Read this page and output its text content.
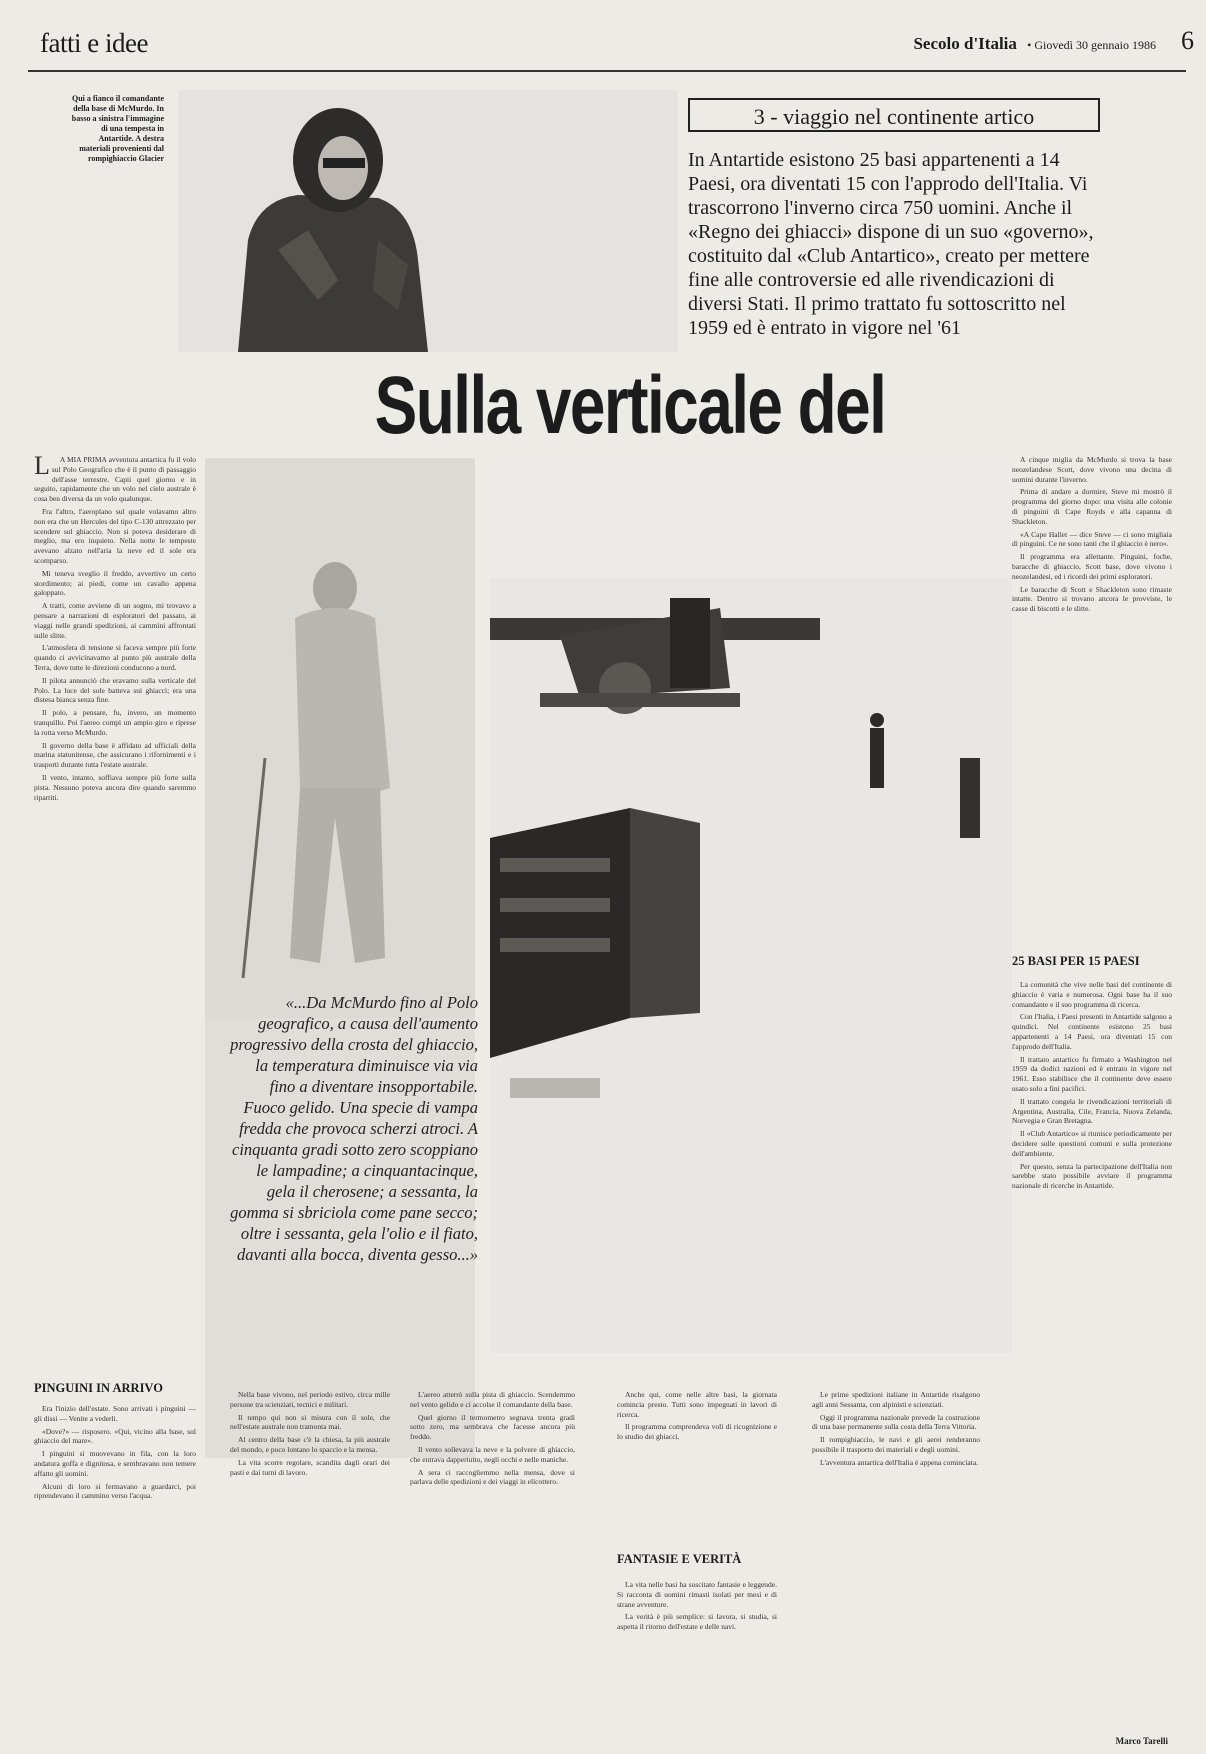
fatti e idee	Secolo d'Italia • Giovedì 30 gennaio 1986 6
Qui a fianco il comandante della base di McMurdo. In basso a sinistra l'immagine di una tempesta in Antartide. A destra materiali provenienti dal rompighiaccio Glacier
3 - viaggio nel continente artico
In Antartide esistono 25 basi appartenenti a 14 Paesi, ora diventati 15 con l'approdo dell'Italia. Vi trascorrono l'inverno circa 750 uomini. Anche il «Regno dei ghiacci» dispone di un suo «governo», costituito dal «Club Antartico», creato per mettere fine alle controversie ed alle rivendicazioni di diversi Stati. Il primo trattato fu sottoscritto nel 1959 ed è entrato in vigore nel '61
Sulla verticale del
L	A MIA PRIMA avventura antartica fu il volo sul Polo Geografico che è il punto di passaggio dell'asse terrestre. Capii quel giorno e in seguito, rapidamente che un volo nel cielo australe è cosa ben diversa da un volo qualunque.

Fra l'altro, l'aeroplano sul quale volavamo altro non era che un Hercules del tipo C-130 attrezzato per scendere sul ghiaccio. Non si poteva desiderare di meglio, ma ero inquieto. Nella notte le tempeste avevano alzato nell'aria la neve ed il sole era scomparso.

Mi teneva sveglio il freddo, avvertivo un certo stordimento; ai piedi, come un cavallo appena galoppato.

A tratti, come avviene di un sogno, mi trovavo a pensare a narrazioni di esploratori del passato, ai viaggi nelle grandi spedizioni, ai cammini affrontati sulle slitte.

L'atmosfera di tensione si faceva sempre più forte quando ci avvicinavamo al punto più australe della Terra, dove tutte le direzioni conducono a nord.

Il pilota annunciò che eravamo sulla verticale del Polo. La luce del sole batteva sui ghiacci; era una distesa bianca senza fine.

Il polo, a pensare, fu, invero, un momento tranquillo. Poi l'aereo compì un ampio giro e riprese la rotta verso McMurdo.

Il governo della base è affidato ad ufficiali della marina statunitense, che assicurano i rifornimenti e i trasporti durante tutta l'estate australe.

Il vento, intanto, soffiava sempre più forte sulla pista. Nessuno poteva ancora dire quando saremmo ripartiti.

PINGUINI IN ARRIVO

Era l'inizio dell'estate. Sono arrivati i pinguini — gli dissi — Venite a vederli.

«Dove?» — risposero. «Qui, vicino alla base, sul ghiaccio del mare».

I pinguini si muovevano in fila, con la loro andatura goffa e dignitosa, e sembravano non temere affatto gli uomini.

Alcuni di loro si fermavano a guardarci, poi riprendevano il cammino verso l'acqua.

«...Da McMurdo fino al Polo geografico, a causa dell'aumento progressivo della crosta del ghiaccio, la temperatura diminuisce via via fino a diventare insopportabile. Fuoco gelido. Una specie di vampa fredda che provoca scherzi atroci. A cinquanta gradi sotto zero scoppiano le lampadine; a cinquantacinque, gela il cherosene; a sessanta, la gomma si sbriciola come pane secco; oltre i sessanta, gela l'olio e il fiato, davanti alla bocca, diventa gesso...»

A cinque miglia da McMurdo si trova la base neozelandese Scott, dove vivono una decina di uomini durante l'inverno.

Prima di andare a dormire, Steve mi mostrò il programma del giorno dopo: una visita alle colonie di pinguini di Cape Royds e alla capanna di Shackleton.

«A Cape Hallet — dice Steve — ci sono migliaia di pinguini. Ce ne sono tanti che il ghiaccio è nero».

Il programma era allettante. Pinguini, foche, baracche di ghiaccio, Scott base, dove vivono i neozelandesi, ed i ricordi dei primi esploratori.

Le baracche di Scott e Shackleton sono rimaste intatte. Dentro si trovano ancora le provviste, le casse di biscotti e le slitte.

25 BASI PER 15 PAESI

La comunità che vive nelle basi del continente di ghiaccio è varia e numerosa. Ogni base ha il suo comandante e il suo programma di ricerca.

Con l'Italia, i Paesi presenti in Antartide salgono a quindici. Nel continente esistono 25 basi appartenenti a 14 Paesi, ora diventati 15 con l'approdo dell'Italia.

Il trattato antartico fu firmato a Washington nel 1959 da dodici nazioni ed è entrato in vigore nel 1961. Esso stabilisce che il continente deve essere usato solo a fini pacifici.

Il trattato congela le rivendicazioni territoriali di Argentina, Australia, Cile, Francia, Nuova Zelanda, Norvegia e Gran Bretagna.

Il «Club Antartico» si riunisce periodicamente per decidere sulle questioni comuni e sulla protezione dell'ambiente.

Per questo, senza la partecipazione dell'Italia non sarebbe stato possibile avviare il programma nazionale di ricerche in Antartide.

Nella base vivono, nel periodo estivo, circa mille persone tra scienziati, tecnici e militari.

Il tempo qui non si misura con il sole, che nell'estate australe non tramonta mai.

Al centro della base c'è la chiesa, la più australe del mondo, e poco lontano lo spaccio e la mensa.

La vita scorre regolare, scandita dagli orari dei pasti e dai turni di lavoro.

L'aereo atterrò sulla pista di ghiaccio. Scendemmo nel vento gelido e ci accolse il comandante della base.

Quel giorno il termometro segnava trenta gradi sotto zero, ma sembrava che facesse ancora più freddo.

Il vento sollevava la neve e la polvere di ghiaccio, che entrava dappertutto, negli occhi e nelle maniche.

A sera ci raccogliemmo nella mensa, dove si parlava delle spedizioni e dei viaggi in elicottero.

Anche qui, come nelle altre basi, la giornata comincia presto. Tutti sono impegnati in lavori di ricerca.

Il programma comprendeva voli di ricognizione e lo studio dei ghiacci.

FANTASIE E VERITÀ

La vita nelle basi ha suscitato fantasie e leggende. Si racconta di uomini rimasti isolati per mesi e di strane avventure.

La verità è più semplice: si lavora, si studia, si aspetta il ritorno dell'estate e delle navi.

Le prime spedizioni italiane in Antartide risalgono agli anni Sessanta, con alpinisti e scienziati.

Oggi il programma nazionale prevede la costruzione di una base permanente sulla costa della Terra Vittoria.

Il rompighiaccio, le navi e gli aerei renderanno possibile il trasporto dei materiali e degli uomini.

L'avventura antartica dell'Italia è appena cominciata.

Marco Tarelli
